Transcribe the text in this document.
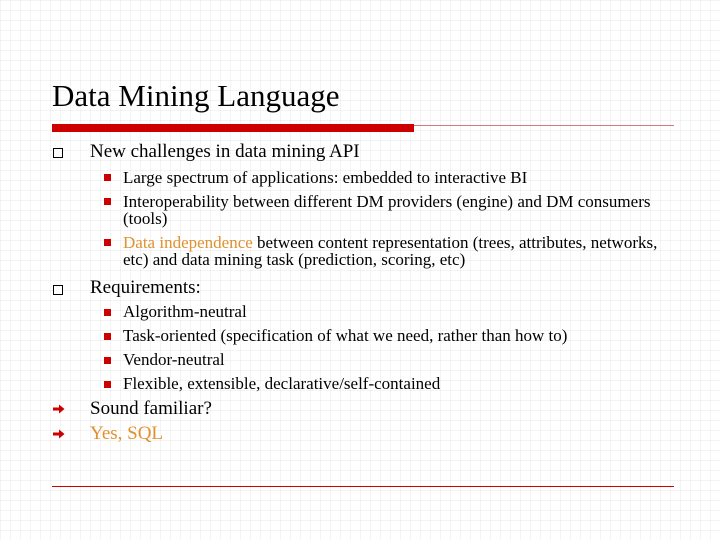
Data Mining Language
New challenges in data mining API
Large spectrum of applications: embedded to interactive BI
Interoperability between different DM providers (engine) and DM consumers (tools)
Data independence between content representation (trees, attributes, networks, etc) and data mining task (prediction, scoring, etc)
Requirements:
Algorithm-neutral
Task-oriented (specification of what we need, rather than how to)
Vendor-neutral
Flexible, extensible, declarative/self-contained
Sound familiar?
Yes, SQL
